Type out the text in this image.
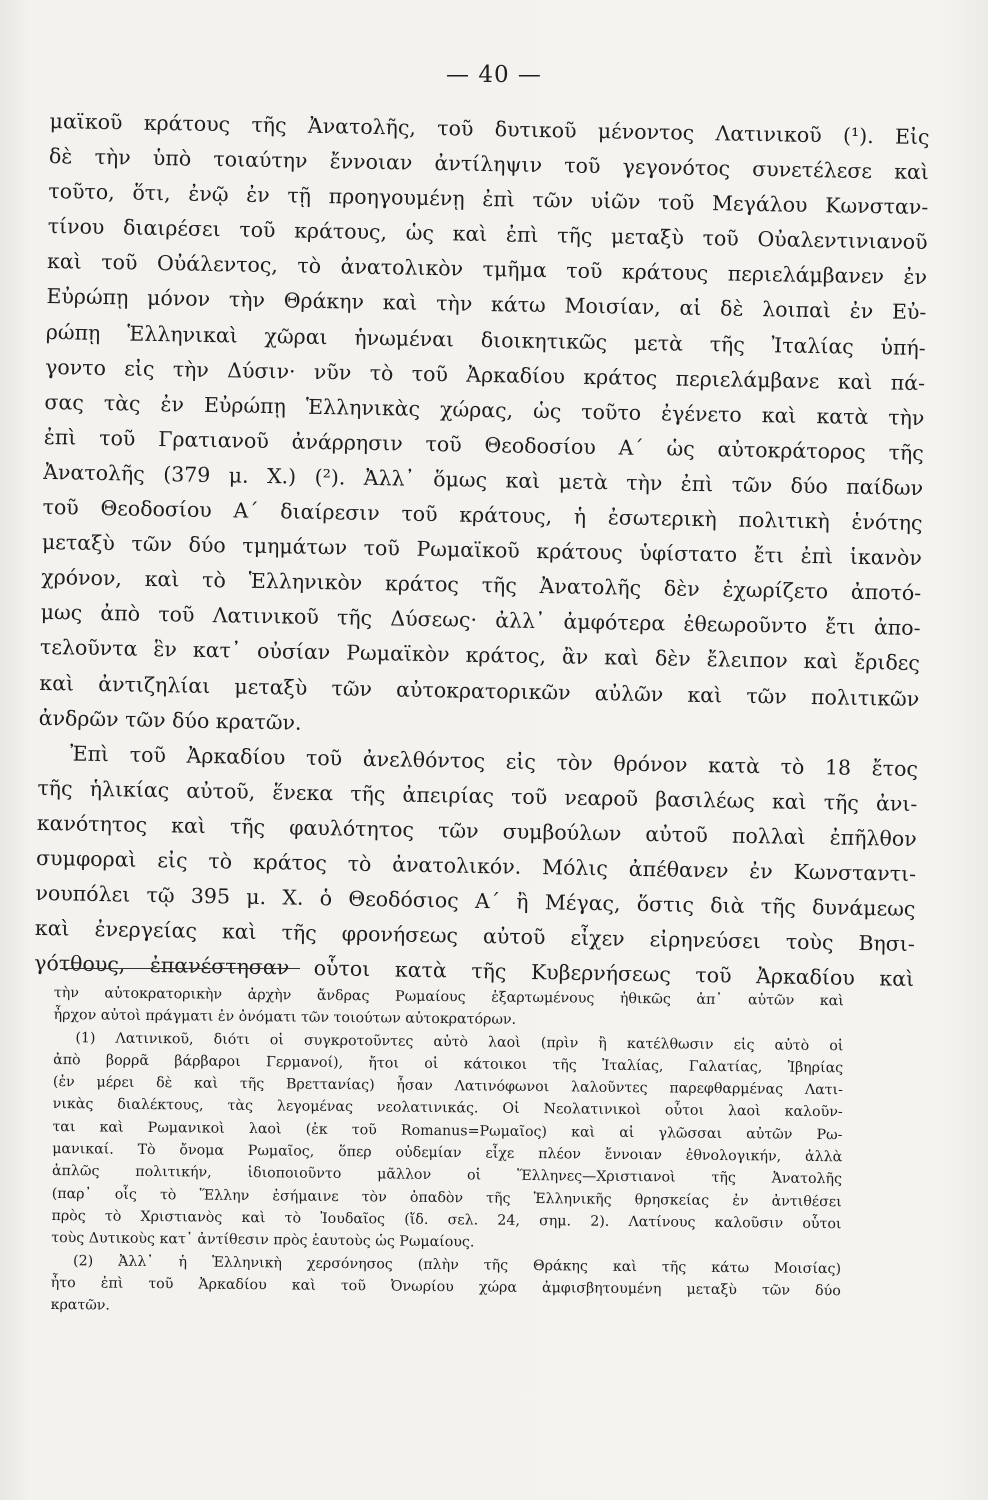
— 40 —
μαϊκοῦ κράτους τῆς Ἀνατολῆς, τοῦ δυτικοῦ μένοντος Λατινικοῦ (¹). Εἰς
δὲ τὴν ὑπὸ τοιαύτην ἔννοιαν ἀντίληψιν τοῦ γεγονότος συνετέλεσε καὶ
τοῦτο, ὅτι, ἐνῷ ἐν τῇ προηγουμένῃ ἐπὶ τῶν υἱῶν τοῦ Μεγάλου Κωνσταν-
τίνου διαιρέσει τοῦ κράτους, ὡς καὶ ἐπὶ τῆς μεταξὺ τοῦ Οὐαλεντινιανοῦ
καὶ τοῦ Οὐάλεντος, τὸ ἀνατολικὸν τμῆμα τοῦ κράτους περιελάμβανεν ἐν
Εὐρώπῃ μόνον τὴν Θράκην καὶ τὴν κάτω Μοισίαν, αἱ δὲ λοιπαὶ ἐν Εὐ-
ρώπῃ Ἑλληνικαὶ χῶραι ἡνωμέναι διοικητικῶς μετὰ τῆς Ἰταλίας ὑπή-
γοντο εἰς τὴν Δύσιν· νῦν τὸ τοῦ Ἀρκαδίου κράτος περιελάμβανε καὶ πά-
σας τὰς ἐν Εὐρώπῃ Ἑλληνικὰς χώρας, ὡς τοῦτο ἐγένετο καὶ κατὰ τὴν
ἐπὶ τοῦ Γρατιανοῦ ἀνάρρησιν τοῦ Θεοδοσίου Α΄ ὡς αὐτοκράτορος τῆς
Ἀνατολῆς (379 μ. Χ.) (²). Ἀλλ᾽ ὅμως καὶ μετὰ τὴν ἐπὶ τῶν δύο παίδων
τοῦ Θεοδοσίου Α΄ διαίρεσιν τοῦ κράτους, ἡ ἐσωτερικὴ πολιτικὴ ἑνότης
μεταξὺ τῶν δύο τμημάτων τοῦ Ρωμαϊκοῦ κράτους ὑφίστατο ἔτι ἐπὶ ἱκανὸν
χρόνον, καὶ τὸ Ἑλληνικὸν κράτος τῆς Ἀνατολῆς δὲν ἐχωρίζετο ἀποτό-
μως ἀπὸ τοῦ Λατινικοῦ τῆς Δύσεως· ἀλλ᾽ ἀμφότερα ἐθεωροῦντο ἔτι ἀπο-
τελοῦντα ἓν κατ᾽ οὐσίαν Ρωμαϊκὸν κράτος, ἂν καὶ δὲν ἔλειπον καὶ ἔριδες
καὶ ἀντιζηλίαι μεταξὺ τῶν αὐτοκρατορικῶν αὐλῶν καὶ τῶν πολιτικῶν
ἀνδρῶν τῶν δύο κρατῶν.
Ἐπὶ τοῦ Ἀρκαδίου τοῦ ἀνελθόντος εἰς τὸν θρόνον κατὰ τὸ 18 ἔτος
τῆς ἡλικίας αὐτοῦ, ἕνεκα τῆς ἀπειρίας τοῦ νεαροῦ βασιλέως καὶ τῆς ἀνι-
κανότητος καὶ τῆς φαυλότητος τῶν συμβούλων αὐτοῦ πολλαὶ ἐπῆλθον
συμφοραὶ εἰς τὸ κράτος τὸ ἀνατολικόν. Μόλις ἀπέθανεν ἐν Κωνσταντι-
νουπόλει τῷ 395 μ. Χ. ὁ Θεοδόσιος Α΄ ἢ Μέγας, ὅστις διὰ τῆς δυνάμεως
καὶ ἐνεργείας καὶ τῆς φρονήσεως αὐτοῦ εἶχεν εἰρηνεύσει τοὺς Βησι-
γότθους, ἐπανέστησαν οὗτοι κατὰ τῆς Κυβερνήσεως τοῦ Ἀρκαδίου καὶ
τὴν αὐτοκρατορικὴν ἀρχὴν ἄνδρας Ρωμαίους ἐξαρτωμένους ἠθικῶς ἀπ᾽ αὐτῶν καὶ
ἦρχον αὐτοὶ πράγματι ἐν ὀνόματι τῶν τοιούτων αὐτοκρατόρων.
(1) Λατινικοῦ, διότι οἱ συγκροτοῦντες αὐτὸ λαοὶ (πρὶν ἢ κατέλθωσιν εἰς αὐτὸ οἱ
ἀπὸ βορρᾶ βάρβαροι Γερμανοί), ἤτοι οἱ κάτοικοι τῆς Ἰταλίας, Γαλατίας, Ἰβηρίας
(ἐν μέρει δὲ καὶ τῆς Βρεττανίας) ἦσαν Λατινόφωνοι λαλοῦντες παρεφθαρμένας Λατι-
νικὰς διαλέκτους, τὰς λεγομένας νεολατινικάς. Οἱ Νεολατινικοὶ οὗτοι λαοὶ καλοῦν-
ται καὶ Ρωμανικοὶ λαοὶ (ἐκ τοῦ Romanus=Ρωμαῖος) καὶ αἱ γλῶσσαι αὐτῶν Ρω-
μανικαί. Τὸ ὄνομα Ρωμαῖος, ὅπερ οὐδεμίαν εἶχε πλέον ἔννοιαν ἐθνολογικήν, ἀλλὰ
ἁπλῶς πολιτικήν, ἰδιοποιοῦντο μᾶλλον οἱ Ἕλληνες—Χριστιανοὶ τῆς Ἀνατολῆς
(παρ᾽ οἷς τὸ Ἕλλην ἐσήμαινε τὸν ὀπαδὸν τῆς Ἑλληνικῆς θρησκείας ἐν ἀντιθέσει
πρὸς τὸ Χριστιανὸς καὶ τὸ Ἰουδαῖος (ἴδ. σελ. 24, σημ. 2). Λατίνους καλοῦσιν οὗτοι
τοὺς Δυτικοὺς κατ᾽ ἀντίθεσιν πρὸς ἑαυτοὺς ὡς Ρωμαίους.
(2) Ἀλλ᾽ ἡ Ἑλληνικὴ χερσόνησος (πλὴν τῆς Θράκης καὶ τῆς κάτω Μοισίας)
ἦτο ἐπὶ τοῦ Ἀρκαδίου καὶ τοῦ Ὀνωρίου χώρα ἀμφισβητουμένη μεταξὺ τῶν δύο
κρατῶν.
